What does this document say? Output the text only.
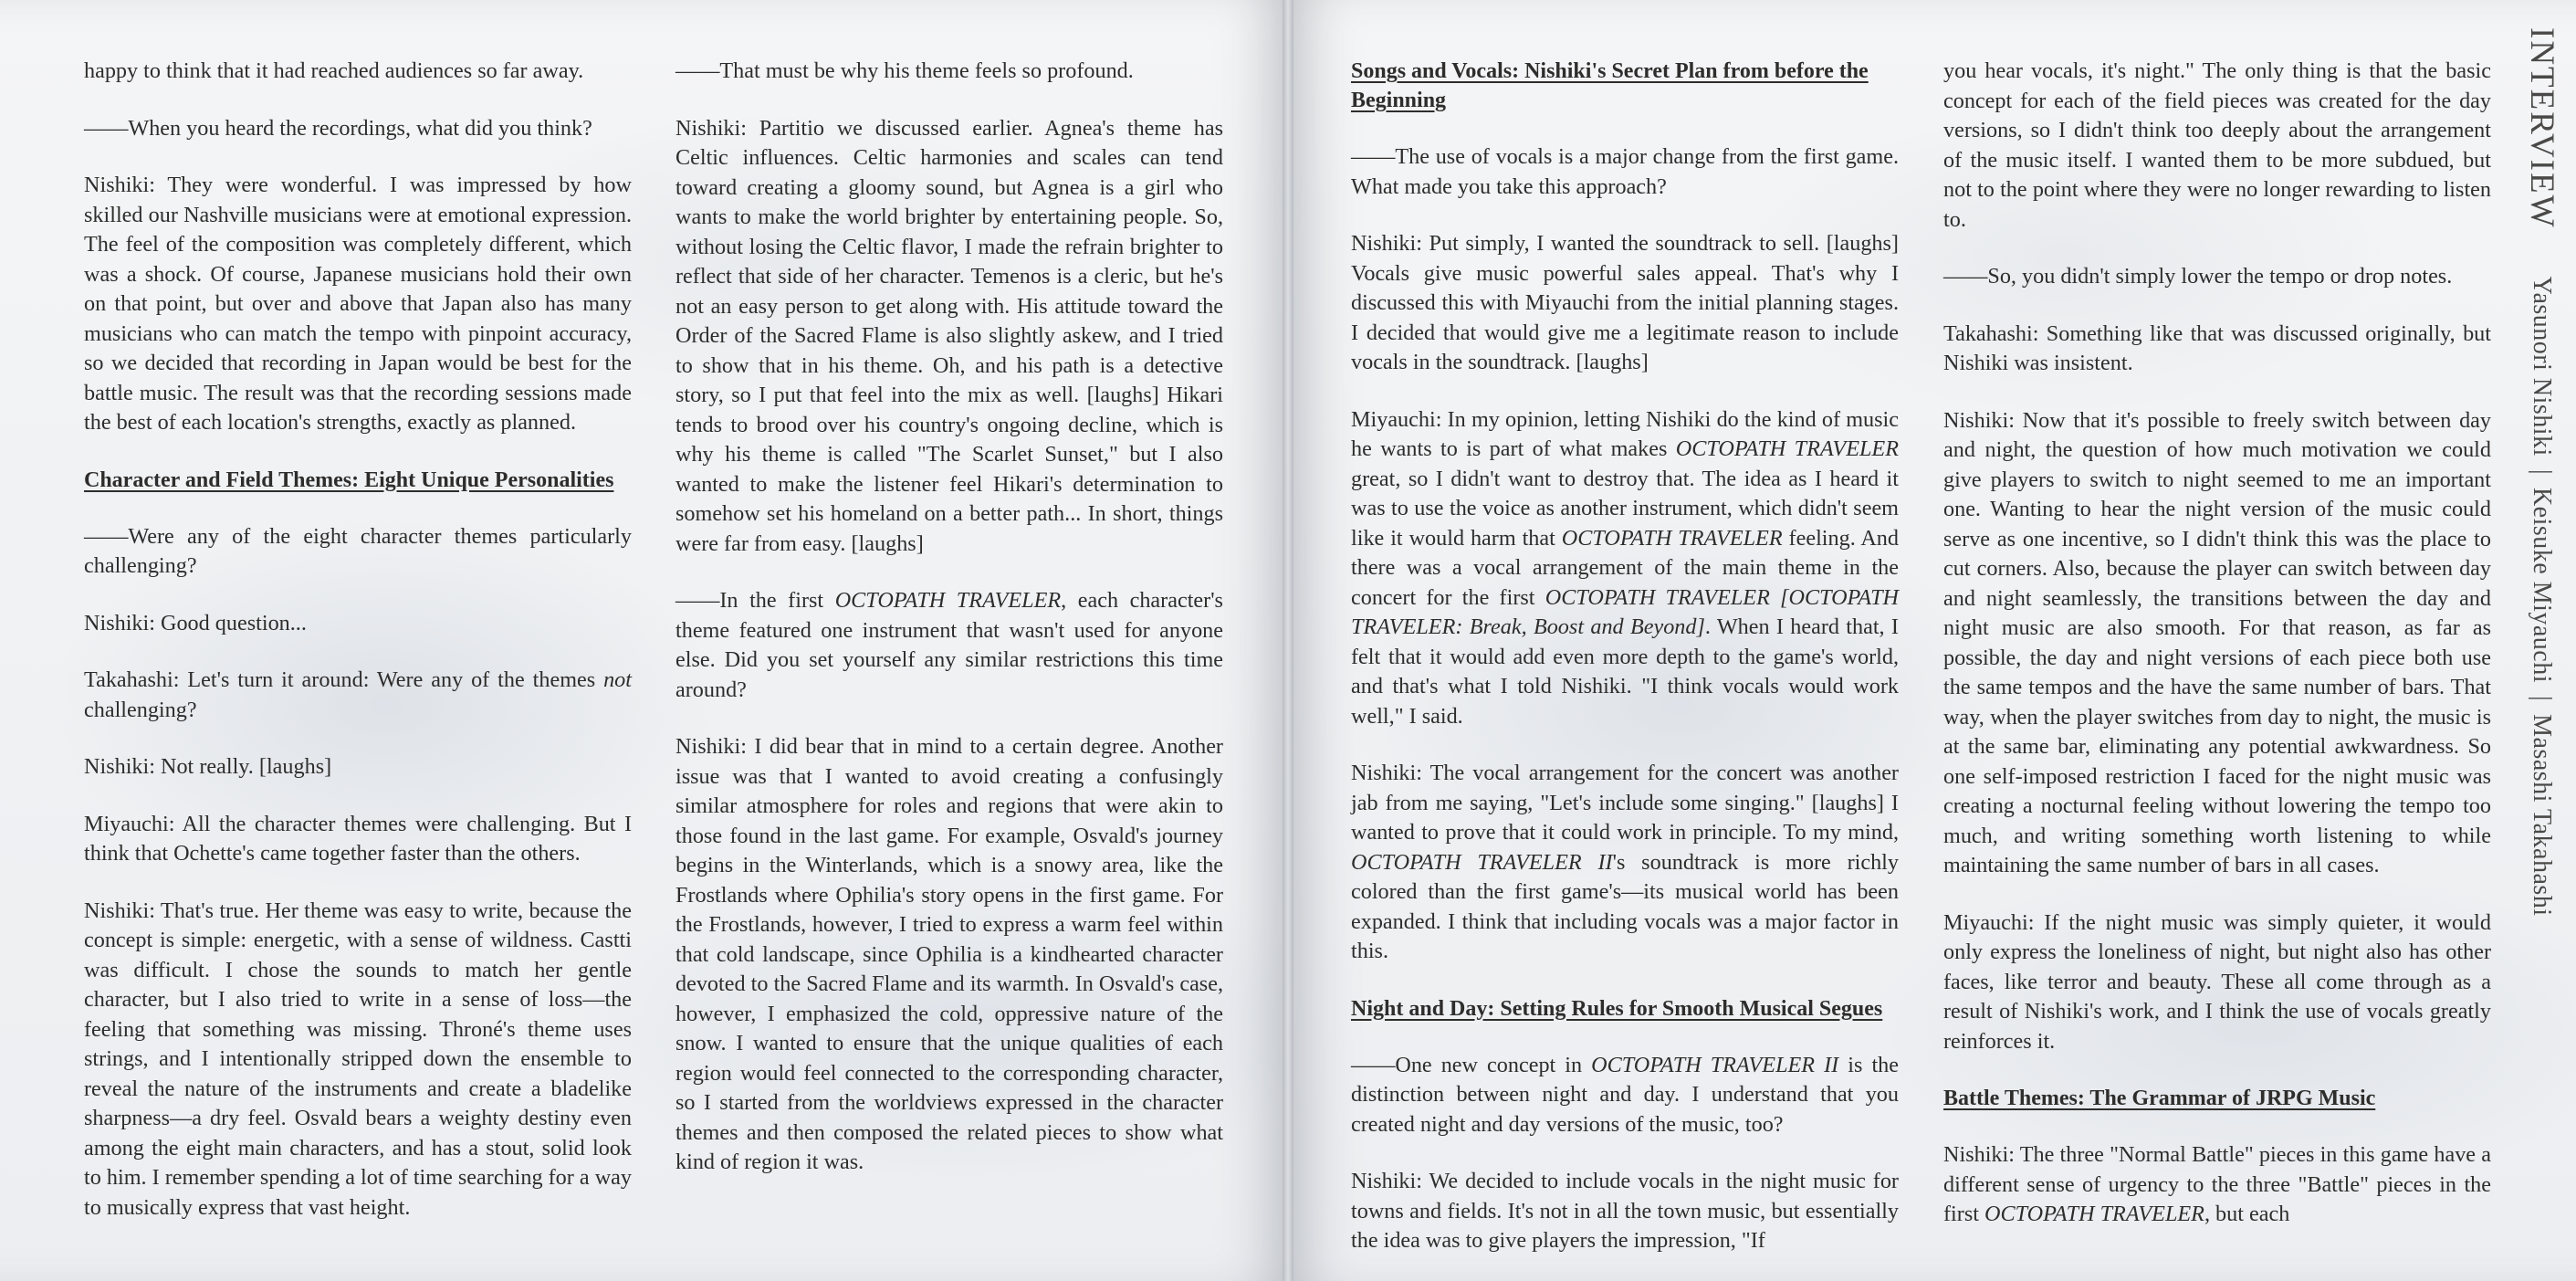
happy to think that it had reached audiences so far away.

——When you heard the recordings, what did you think?

Nishiki: They were wonderful. I was impressed by how skilled our Nashville musicians were at emotional expression. The feel of the composition was completely different, which was a shock. Of course, Japanese musicians hold their own on that point, but over and above that Japan also has many musicians who can match the tempo with pinpoint accuracy, so we decided that recording in Japan would be best for the battle music. The result was that the recording sessions made the best of each location's strengths, exactly as planned.

Character and Field Themes: Eight Unique Personalities

——Were any of the eight character themes particularly challenging?

Nishiki: Good question...

Takahashi: Let's turn it around: Were any of the themes not challenging?

Nishiki: Not really. [laughs]

Miyauchi: All the character themes were challenging. But I think that Ochette's came together faster than the others.

Nishiki: That's true. Her theme was easy to write, because the concept is simple: energetic, with a sense of wildness. Castti was difficult. I chose the sounds to match her gentle character, but I also tried to write in a sense of loss—the feeling that something was missing. Throné's theme uses strings, and I intentionally stripped down the ensemble to reveal the nature of the instruments and create a bladelike sharpness—a dry feel. Osvald bears a weighty destiny even among the eight main characters, and has a stout, solid look to him. I remember spending a lot of time searching for a way to musically express that vast height.

——That must be why his theme feels so profound.

Nishiki: Partitio we discussed earlier. Agnea's theme has Celtic influences. Celtic harmonies and scales can tend toward creating a gloomy sound, but Agnea is a girl who wants to make the world brighter by entertaining people. So, without losing the Celtic flavor, I made the refrain brighter to reflect that side of her character. Temenos is a cleric, but he's not an easy person to get along with. His attitude toward the Order of the Sacred Flame is also slightly askew, and I tried to show that in his theme. Oh, and his path is a detective story, so I put that feel into the mix as well. [laughs] Hikari tends to brood over his country's ongoing decline, which is why his theme is called "The Scarlet Sunset," but I also wanted to make the listener feel Hikari's determination to somehow set his homeland on a better path... In short, things were far from easy. [laughs]

——In the first OCTOPATH TRAVELER, each character's theme featured one instrument that wasn't used for anyone else. Did you set yourself any similar restrictions this time around?

Nishiki: I did bear that in mind to a certain degree. Another issue was that I wanted to avoid creating a confusingly similar atmosphere for roles and regions that were akin to those found in the last game. For example, Osvald's journey begins in the Winterlands, which is a snowy area, like the Frostlands where Ophilia's story opens in the first game. For the Frostlands, however, I tried to express a warm feel within that cold landscape, since Ophilia is a kindhearted character devoted to the Sacred Flame and its warmth. In Osvald's case, however, I emphasized the cold, oppressive nature of the snow. I wanted to ensure that the unique qualities of each region would feel connected to the corresponding character, so I started from the worldviews expressed in the character themes and then composed the related pieces to show what kind of region it was.

Songs and Vocals: Nishiki's Secret Plan from before the Beginning

——The use of vocals is a major change from the first game. What made you take this approach?

Nishiki: Put simply, I wanted the soundtrack to sell. [laughs] Vocals give music powerful sales appeal. That's why I discussed this with Miyauchi from the initial planning stages. I decided that would give me a legitimate reason to include vocals in the soundtrack. [laughs]

Miyauchi: In my opinion, letting Nishiki do the kind of music he wants to is part of what makes OCTOPATH TRAVELER great, so I didn't want to destroy that. The idea as I heard it was to use the voice as another instrument, which didn't seem like it would harm that OCTOPATH TRAVELER feeling. And there was a vocal arrangement of the main theme in the concert for the first OCTOPATH TRAVELER [OCTOPATH TRAVELER: Break, Boost and Beyond]. When I heard that, I felt that it would add even more depth to the game's world, and that's what I told Nishiki. "I think vocals would work well," I said.

Nishiki: The vocal arrangement for the concert was another jab from me saying, "Let's include some singing." [laughs] I wanted to prove that it could work in principle. To my mind, OCTOPATH TRAVELER II's soundtrack is more richly colored than the first game's—its musical world has been expanded. I think that including vocals was a major factor in this.

Night and Day: Setting Rules for Smooth Musical Segues

——One new concept in OCTOPATH TRAVELER II is the distinction between night and day. I understand that you created night and day versions of the music, too?

Nishiki: We decided to include vocals in the night music for towns and fields. It's not in all the town music, but essentially the idea was to give players the impression, "If

you hear vocals, it's night." The only thing is that the basic concept for each of the field pieces was created for the day versions, so I didn't think too deeply about the arrangement of the music itself. I wanted them to be more subdued, but not to the point where they were no longer rewarding to listen to.

——So, you didn't simply lower the tempo or drop notes.

Takahashi: Something like that was discussed originally, but Nishiki was insistent.

Nishiki: Now that it's possible to freely switch between day and night, the question of how much motivation we could give players to switch to night seemed to me an important one. Wanting to hear the night version of the music could serve as one incentive, so I didn't think this was the place to cut corners. Also, because the player can switch between day and night seamlessly, the transitions between the day and night music are also smooth. For that reason, as far as possible, the day and night versions of each piece both use the same tempos and the have the same number of bars. That way, when the player switches from day to night, the music is at the same bar, eliminating any potential awkwardness. So one self-imposed restriction I faced for the night music was creating a nocturnal feeling without lowering the tempo too much, and writing something worth listening to while maintaining the same number of bars in all cases.

Miyauchi: If the night music was simply quieter, it would only express the loneliness of night, but night also has other faces, like terror and beauty. These all come through as a result of Nishiki's work, and I think the use of vocals greatly reinforces it.

Battle Themes: The Grammar of JRPG Music

Nishiki: The three "Normal Battle" pieces in this game have a different sense of urgency to the three "Battle" pieces in the first OCTOPATH TRAVELER, but each

INTERVIEWYasunori Nishiki|Keisuke Miyauchi|Masashi Takahashi
